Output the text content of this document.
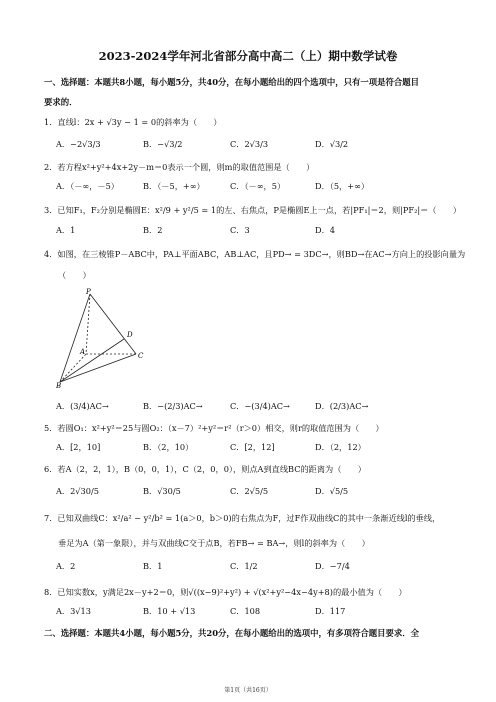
2023-2024学年河北省部分高中高二（上）期中数学试卷
一、选择题：本题共8小题，每小题5分，共40分，在每小题给出的四个选项中，只有一项是符合题目
要求的．
1．直线l：2x + √3y − 1 = 0的斜率为（　　）
A．−2√3/3	B．−√3/2	C．2√3/3	D．√3/2
2．若方程x²+y²+4x+2y－m＝0表示一个圆，则m的取值范围是（　　）
A．（－∞，－5）	B．（－5，+∞）	C．（－∞，5）	D．（5，+∞）
3．已知F₁，F₂分别是椭圆E：x²/9 + y²/5 = 1的左、右焦点，P是椭圆E上一点，若|PF₁|＝2，则|PF₂|＝（　　）
A．1	B．2	C．3	D．4
4．如图，在三棱锥P－ABC中，PA⊥平面ABC，AB⊥AC，且PD→ = 3DC→，则BD→在AC→方向上的投影向量为
（　　）
P
D
A	C
B
A．(3/4)AC→	B．−(2/3)AC→	C．−(3/4)AC→	D．(2/3)AC→
5．若圆O₁：x²+y²＝25与圆O₂：（x－7）²+y²＝r²（r＞0）相交，则r的取值范围为（　　）
A．[2，10]	B．（2，10）	C．[2，12]	D．（2，12）
6．若A（2，2，1），B（0，0，1），C（2，0，0），则点A到直线BC的距离为（　　）
A．2√30/5	B．√30/5	C．2√5/5	D．√5/5
7．已知双曲线C：x²/a² − y²/b² = 1(a＞0，b＞0)的右焦点为F，过F作双曲线C的其中一条渐近线l的垂线，
垂足为A（第一象限），并与双曲线C交于点B，若FB→ = BA→，则l的斜率为（　　）
A．2	B．1	C．1/2	D．−7/4
8．已知实数x，y满足2x－y+2＝0，则√((x−9)²+y²) + √(x²+y²−4x−4y+8)的最小值为（　　）
A．3√13	B．10 + √13	C．108	D．117
二、选择题：本题共4小题，每小题5分，共20分，在每小题给出的选项中，有多项符合题目要求．全
第1页（共16页）
